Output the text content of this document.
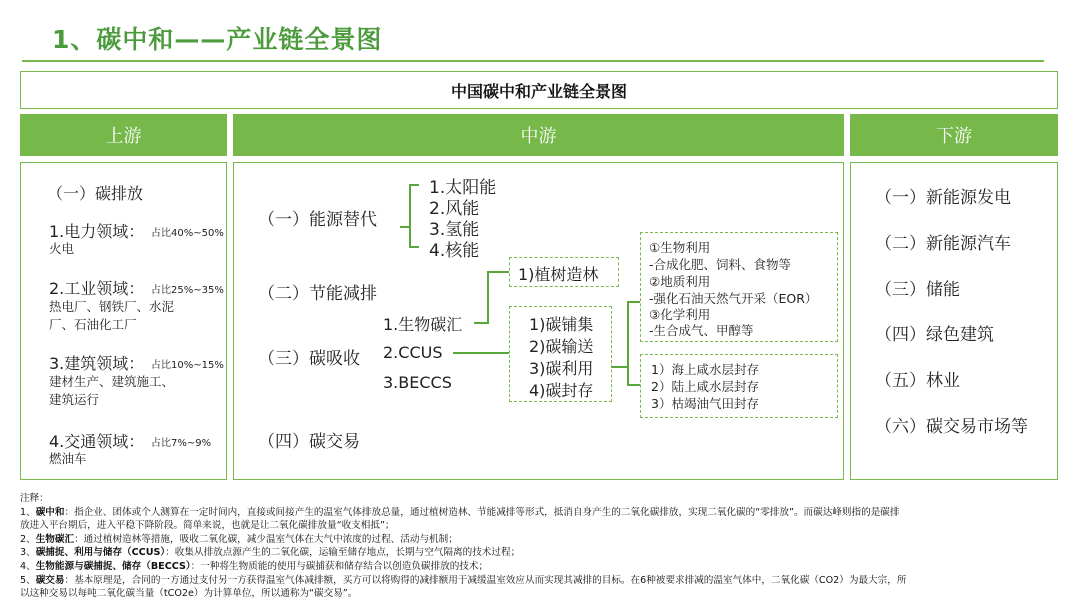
1、碳中和——产业链全景图
中国碳中和产业链全景图
上游	中游	下游
（一）碳排放
1.电力领域： 占比40%~50%
火电
2.工业领域： 占比25%~35%
热电厂、钢铁厂、水泥
厂、石油化工厂
3.建筑领域： 占比10%~15%
建材生产、建筑施工、
建筑运行
4.交通领域： 占比7%~9%
燃油车
（一）新能源发电
（二）新能源汽车
（三）储能
（四）绿色建筑
（五）林业
（六）碳交易市场等
（一）能源替代
1.太阳能
2.风能
3.氢能
4.核能
（二）节能减排
（三）碳吸收
（四）碳交易
1.生物碳汇
2.CCUS
3.BECCS
1)植树造林
1)碳铺集
2)碳输送
3)碳利用
4)碳封存
①生物利用
-合成化肥、饲料、食物等
②地质利用
-强化石油天然气开采（EOR）
③化学利用
-生合成气、甲醇等
1）海上咸水层封存
2）陆上咸水层封存
3）枯竭油气田封存
注释：
1、碳中和：指企业、团体或个人测算在一定时间内，直接或间接产生的温室气体排放总量，通过植树造林、节能减排等形式，抵消自身产生的二氧化碳排放，实现二氧化碳的“零排放”。而碳达峰则指的是碳排
放进入平台期后，进入平稳下降阶段。简单来说，也就是让二氧化碳排放量“收支相抵”；
2、生物碳汇：通过植树造林等措施，吸收二氧化碳，减少温室气体在大气中浓度的过程、活动与机制；
3、碳捕捉、利用与储存（CCUS）：收集从排放点源产生的二氧化碳，运输至储存地点，长期与空气隔离的技术过程；
4、生物能源与碳捕捉、储存（BECCS）：一种将生物质能的使用与碳捕获和储存结合以创造负碳排放的技术；
5、碳交易：基本原理是，合同的一方通过支付另一方获得温室气体减排额，买方可以将购得的减排额用于减缓温室效应从而实现其减排的目标。在6种被要求排减的温室气体中，二氧化碳（CO2）为最大宗，所
以这种交易以每吨二氧化碳当量（tCO2e）为计算单位，所以通称为“碳交易”。
